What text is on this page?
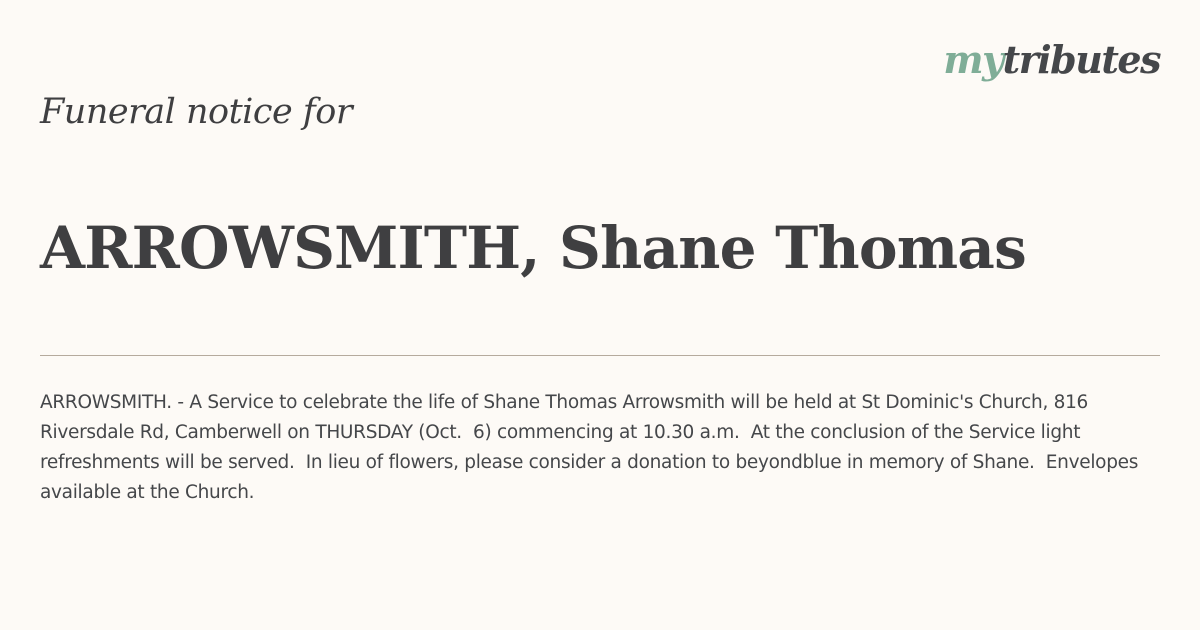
mytributes
Funeral notice for
ARROWSMITH, Shane Thomas

ARROWSMITH. - A Service to celebrate the life of Shane Thomas Arrowsmith will be held at St Dominic's Church, 816 Riversdale Rd, Camberwell on THURSDAY (Oct.  6) commencing at 10.30 a.m.  At the conclusion of the Service light refreshments will be served.  In lieu of flowers, please consider a donation to beyondblue in memory of Shane.  Envelopes available at the Church.
